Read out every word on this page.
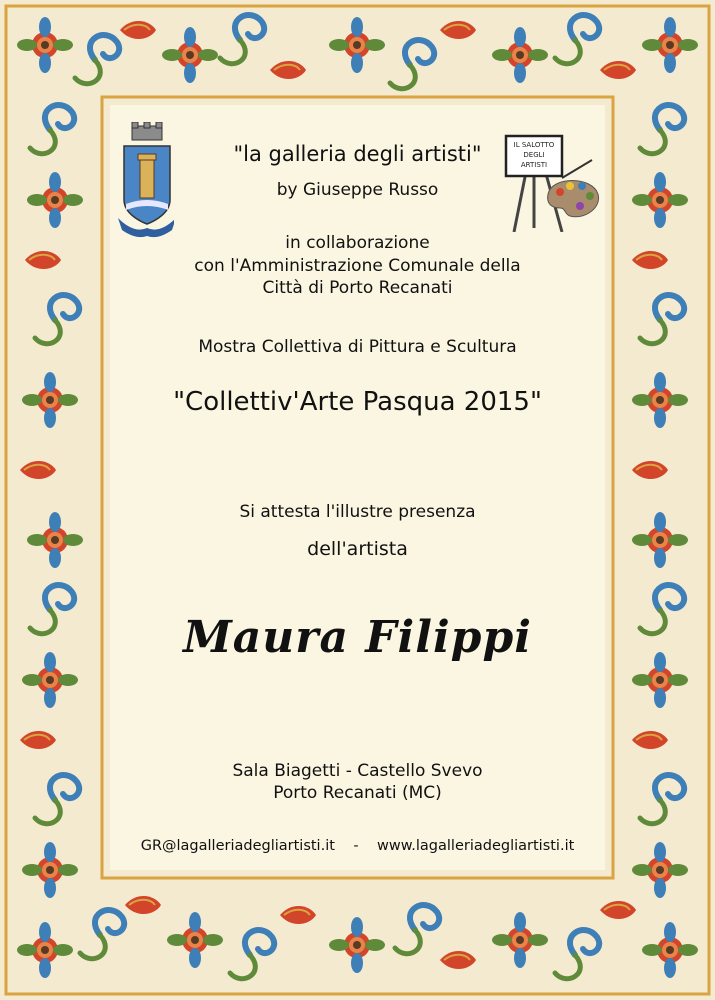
IL SALOTTO
DEGLI
ARTISTI
"la galleria degli artisti"
by Giuseppe Russo
in collaborazione
con l'Amministrazione Comunale della
Città di Porto Recanati
Mostra Collettiva di Pittura e Scultura
"Collettiv'Arte Pasqua 2015"
Si attesta l'illustre presenza
dell'artista
Maura Filippi
Sala Biagetti - Castello Svevo
Porto Recanati (MC)
GR@lagalleriadegliartisti.it - www.lagalleriadegliartisti.it
